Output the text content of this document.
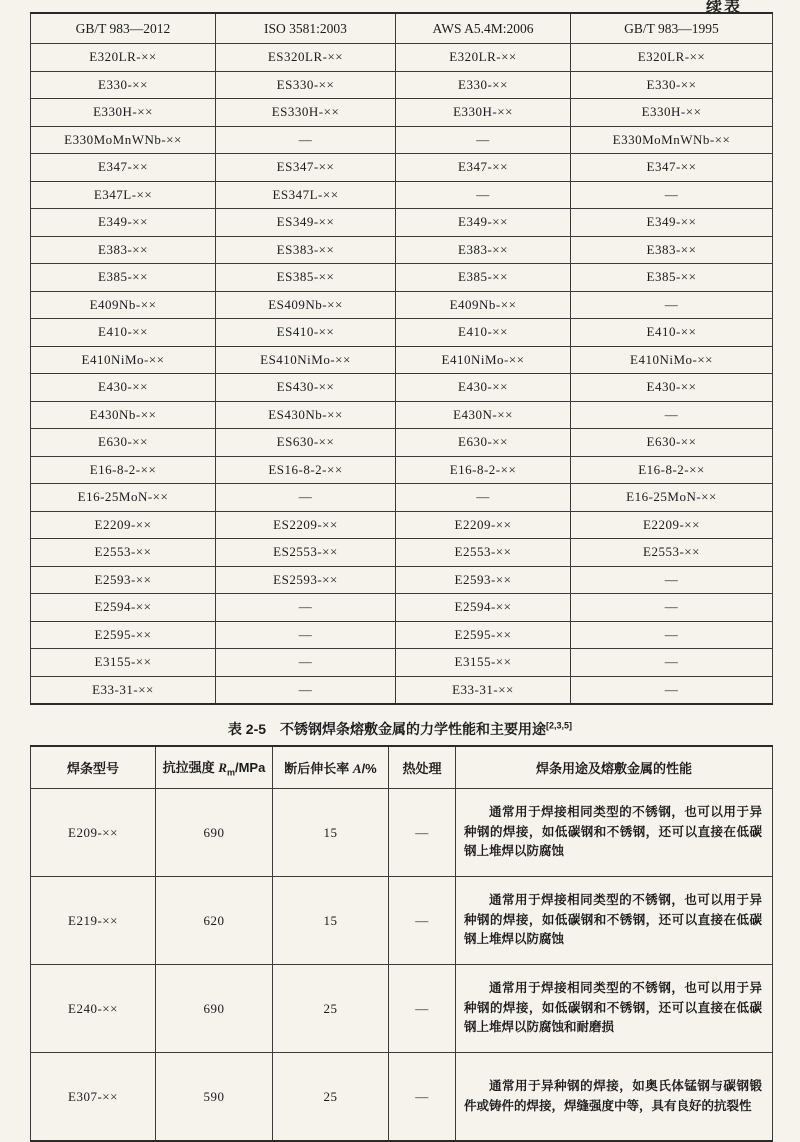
续表
GB/T 983—2012	ISO 3581:2003	AWS A5.4M:2006	GB/T 983—1995
E320LR-××	ES320LR-××	E320LR-××	E320LR-××
E330-××	ES330-××	E330-××	E330-××
E330H-××	ES330H-××	E330H-××	E330H-××
E330MoMnWNb-××	—	—	E330MoMnWNb-××
E347-××	ES347-××	E347-××	E347-××
E347L-××	ES347L-××	—	—
E349-××	ES349-××	E349-××	E349-××
E383-××	ES383-××	E383-××	E383-××
E385-××	ES385-××	E385-××	E385-××
E409Nb-××	ES409Nb-××	E409Nb-××	—
E410-××	ES410-××	E410-××	E410-××
E410NiMo-××	ES410NiMo-××	E410NiMo-××	E410NiMo-××
E430-××	ES430-××	E430-××	E430-××
E430Nb-××	ES430Nb-××	E430N-××	—
E630-××	ES630-××	E630-××	E630-××
E16-8-2-××	ES16-8-2-××	E16-8-2-××	E16-8-2-××
E16-25MoN-××	—	—	E16-25MoN-××
E2209-××	ES2209-××	E2209-××	E2209-××
E2553-××	ES2553-××	E2553-××	E2553-××
E2593-××	ES2593-××	E2593-××	—
E2594-××	—	E2594-××	—
E2595-××	—	E2595-××	—
E3155-××	—	E3155-××	—
E33-31-××	—	E33-31-××	—
表 2-5 不锈钢焊条熔敷金属的力学性能和主要用途[2,3,5]
焊条型号	抗拉强度 $R_m$/MPa	断后伸长率 A/%	热处理	焊条用途及熔敷金属的性能
E209-××	690	15	—	通常用于焊接相同类型的不锈钢，也可以用于异种钢的焊接，如低碳钢和不锈钢，还可以直接在低碳钢上堆焊以防腐蚀
E219-××	620	15	—	通常用于焊接相同类型的不锈钢，也可以用于异种钢的焊接，如低碳钢和不锈钢，还可以直接在低碳钢上堆焊以防腐蚀
E240-××	690	25	—	通常用于焊接相同类型的不锈钢，也可以用于异种钢的焊接，如低碳钢和不锈钢，还可以直接在低碳钢上堆焊以防腐蚀和耐磨损
E307-××	590	25	—	通常用于异种钢的焊接，如奥氏体锰钢与碳钢锻件或铸件的焊接，焊缝强度中等，具有良好的抗裂性
